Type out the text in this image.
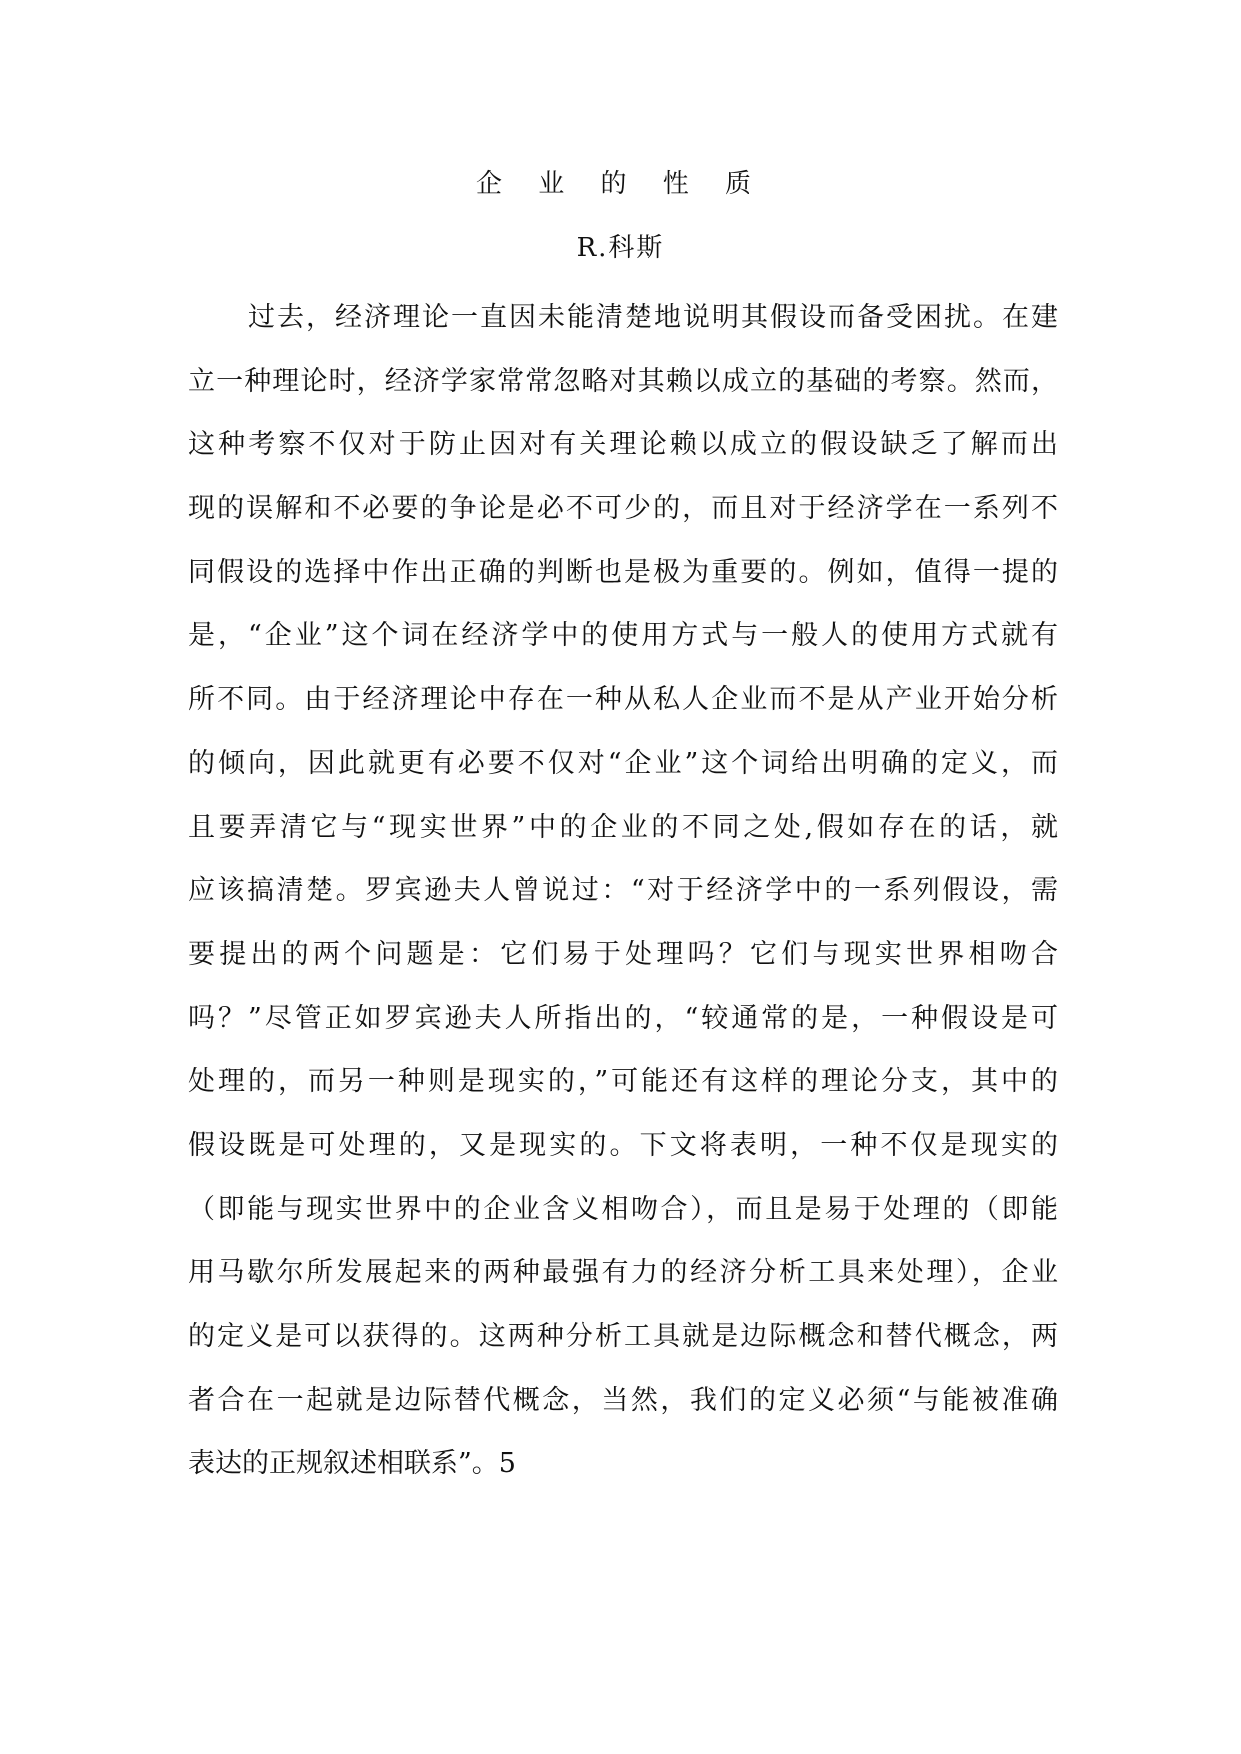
企 业 的 性 质
R.科斯
过去，经济理论一直因未能清楚地说明其假设而备受困扰。在建
立一种理论时，经济学家常常忽略对其赖以成立的基础的考察。然而，
这种考察不仅对于防止因对有关理论赖以成立的假设缺乏了解而出
现的误解和不必要的争论是必不可少的，而且对于经济学在一系列不
同假设的选择中作出正确的判断也是极为重要的。例如，值得一提的
是，“企业”这个词在经济学中的使用方式与一般人的使用方式就有
所不同。由于经济理论中存在一种从私人企业而不是从产业开始分析
的倾向，因此就更有必要不仅对“企业”这个词给出明确的定义，而
且要弄清它与“现实世界”中的企业的不同之处,假如存在的话，就
应该搞清楚。罗宾逊夫人曾说过：“对于经济学中的一系列假设，需
要提出的两个问题是：它们易于处理吗？它们与现实世界相吻合
吗？”尽管正如罗宾逊夫人所指出的，“较通常的是，一种假设是可
处理的，而另一种则是现实的，”可能还有这样的理论分支，其中的
假设既是可处理的，又是现实的。下文将表明，一种不仅是现实的
（即能与现实世界中的企业含义相吻合），而且是易于处理的（即能
用马歇尔所发展起来的两种最强有力的经济分析工具来处理），企业
的定义是可以获得的。这两种分析工具就是边际概念和替代概念，两
者合在一起就是边际替代概念，当然，我们的定义必须“与能被准确
表达的正规叙述相联系”。5
